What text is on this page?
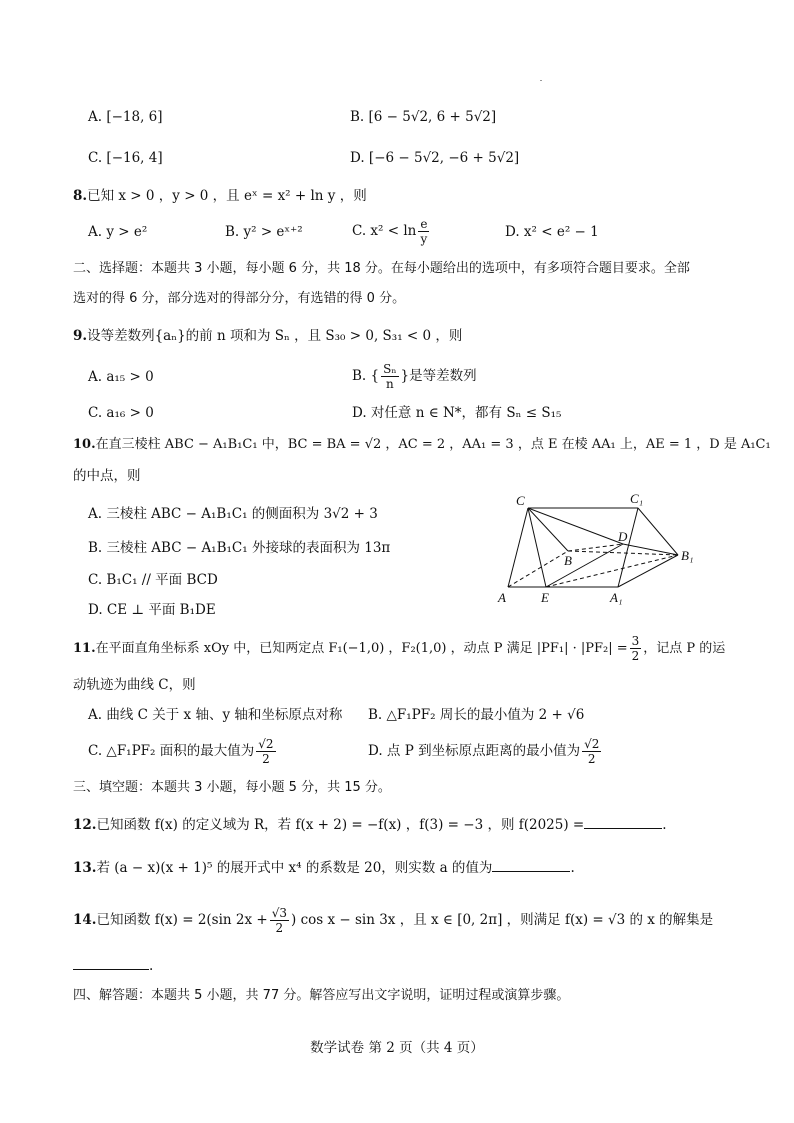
A. [−18, 6]	B. [6 − 5√2, 6 + 5√2]
C. [−16, 4]	D. [−6 − 5√2, −6 + 5√2]
8.已知 x > 0 ，y > 0 ，且 eˣ = x² + ln y ，则
A. y > e²	B. y² > eˣ⁺²	C. $x^2 < \ln \frac{e}{y}$	D. x² < e² − 1
二、选择题：本题共 3 小题，每小题 6 分，共 18 分。在每小题给出的选项中，有多项符合题目要求。全部
选对的得 6 分，部分选对的得部分分，有选错的得 0 分。
9.设等差数列{aₙ}的前 n 项和为 Sₙ ，且 S₃₀ > 0, S₃₁ < 0 ，则
A. a₁₅ > 0	B. { $\frac{\text{Sₙ}}{n}$ }是等差数列
C. a₁₆ > 0	D. 对任意 n ∈ N*，都有 Sₙ ≤ S₁₅
10.在直三棱柱 ABC − A₁B₁C₁ 中，BC = BA = √2 ，AC = 2 ，AA₁ = 3 ，点 E 在棱 AA₁ 上，AE = 1 ，D 是 A₁C₁
的中点，则
A. 三棱柱 ABC − A₁B₁C₁ 的侧面积为 3√2 + 3
B. 三棱柱 ABC − A₁B₁C₁ 外接球的表面积为 13π
C. B₁C₁ // 平面 BCD
D. CE ⊥ 平面 B₁DE
C	C₁
D
B	B₁
A	E	A₁
11.在平面直角坐标系 xOy 中，已知两定点 F₁(−1,0) ，F₂(1,0) ，动点 P 满足 $|PF_1| \cdot |PF_2| = \frac{3}{2}$ ，记点 P 的运
动轨迹为曲线 C，则
A. 曲线 C 关于 x 轴、y 轴和坐标原点对称 B. △F₁PF₂ 周长的最小值为 2 + √6
C. △F₁PF₂ 面积的最大值为 $\frac{√2}{2}$	D. 点 P 到坐标原点距离的最小值为 $\frac{√2}{2}$
三、填空题：本题共 3 小题，每小题 5 分，共 15 分。
12.已知函数 f(x) 的定义域为 R，若 f(x + 2) = −f(x) ，f(3) = −3 ，则 f(2025) =	.
13.若 (a − x)(x + 1)⁵ 的展开式中 x⁴ 的系数是 20，则实数 a 的值为	.
14.已知函数 f(x) = 2(sin $2x + \frac{√3}{2}$ ) cos x − sin 3x ，且 x ∈ [0, 2π] ，则满足 f(x) = √3 的 x 的解集是
.
四、解答题：本题共 5 小题，共 77 分。解答应写出文字说明，证明过程或演算步骤。
数学试卷 第 2 页（共 4 页）
